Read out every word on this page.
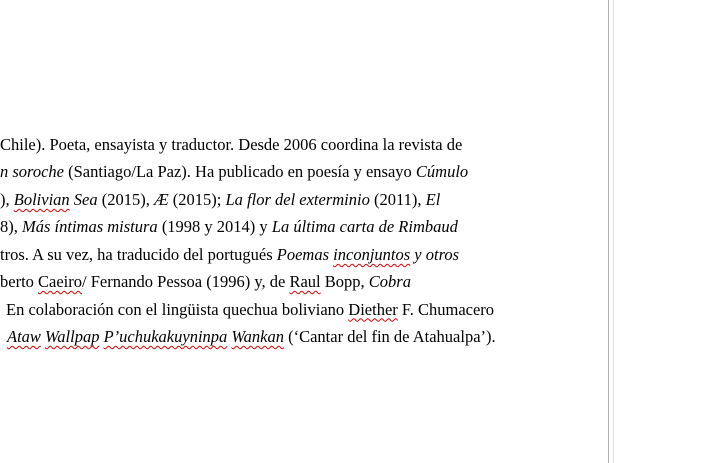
Chile). Poeta, ensayista y traductor. Desde 2006 coordina la revista de
n soroche (Santiago/La Paz). Ha publicado en poesía y ensayo Cúmulo
), Bolivian Sea (2015), Æ (2015); La flor del exterminio (2011), El
8), Más íntimas mistura (1998 y 2014) y La última carta de Rimbaud
tros. A su vez, ha traducido del portugués Poemas inconjuntos y otros
berto Caeiro/ Fernando Pessoa (1996) y, de Raul Bopp, Cobra
En colaboración con el lingüista quechua boliviano Diether F. Chumacero
Ataw Wallpap P’uchukakuyninpa Wankan (‘Cantar del fin de Atahualpa’).
